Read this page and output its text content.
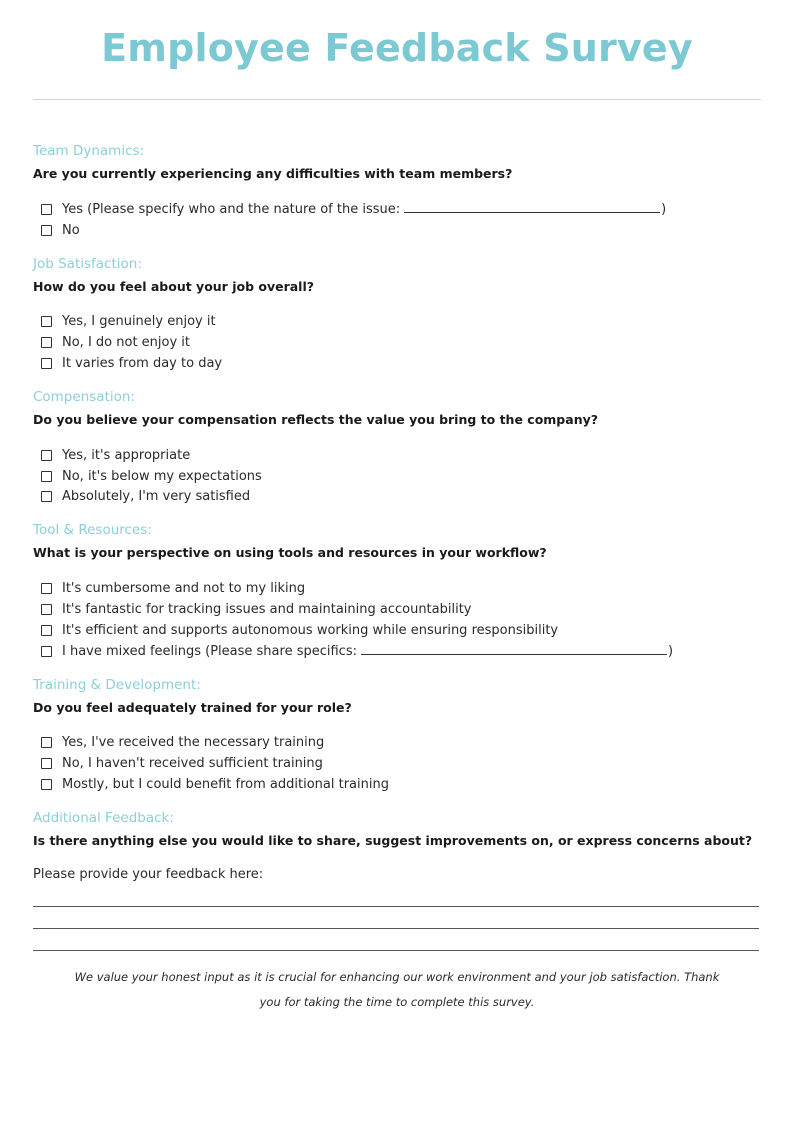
Employee Feedback Survey
Team Dynamics:
Are you currently experiencing any difficulties with team members?
Yes (Please specify who and the nature of the issue:	)
No
Job Satisfaction:
How do you feel about your job overall?
Yes, I genuinely enjoy it
No, I do not enjoy it
It varies from day to day
Compensation:
Do you believe your compensation reflects the value you bring to the company?
Yes, it's appropriate
No, it's below my expectations
Absolutely, I'm very satisfied
Tool & Resources:
What is your perspective on using tools and resources in your workflow?
It's cumbersome and not to my liking
It's fantastic for tracking issues and maintaining accountability
It's efficient and supports autonomous working while ensuring responsibility
I have mixed feelings (Please share specifics:	)
Training & Development:
Do you feel adequately trained for your role?
Yes, I've received the necessary training
No, I haven't received sufficient training
Mostly, but I could benefit from additional training
Additional Feedback:
Is there anything else you would like to share, suggest improvements on, or express concerns about?
Please provide your feedback here:
We value your honest input as it is crucial for enhancing our work environment and your job satisfaction. Thank
you for taking the time to complete this survey.
